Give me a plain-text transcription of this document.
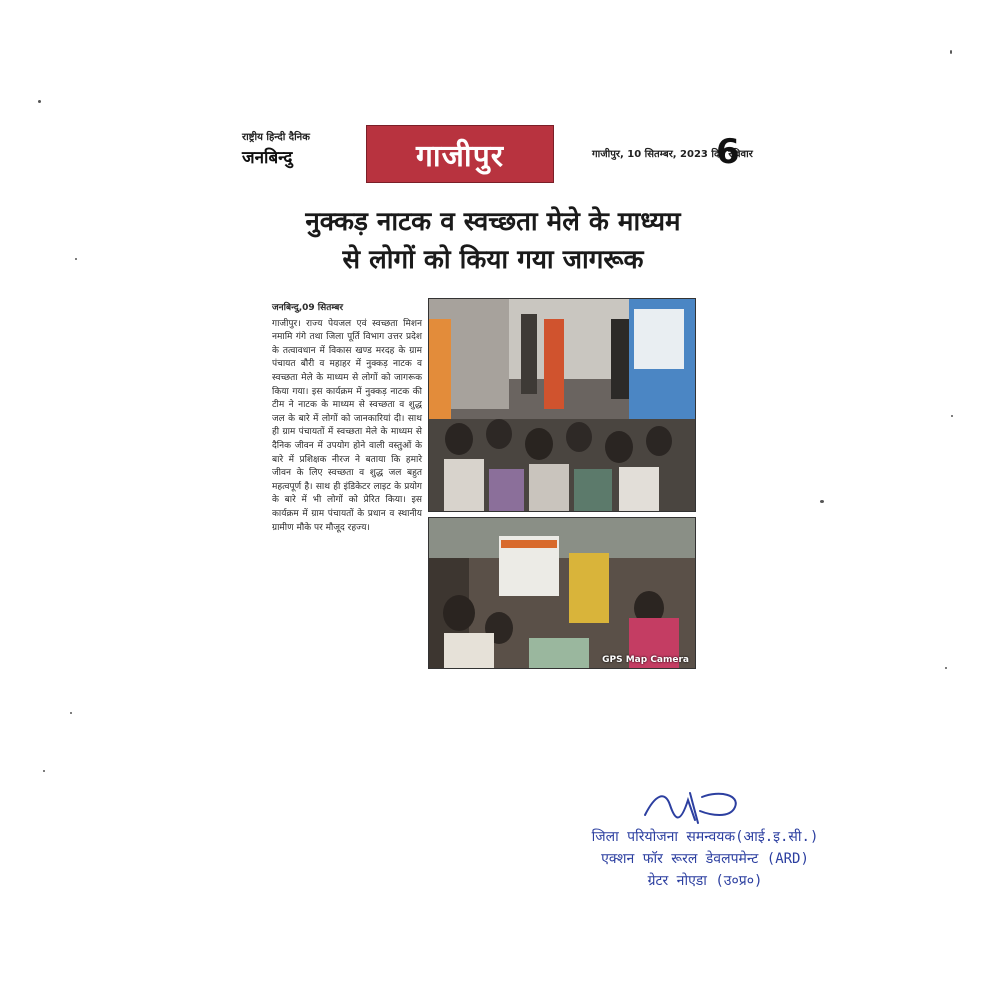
राष्ट्रीय हिन्दी दैनिक
जनबिन्दु	गाजीपुर	गाजीपुर, 10 सितम्बर, 2023 दिन रविवार
6
नुक्कड़ नाटक व स्वच्छता मेले के माध्यम
से लोगों को किया गया जागरूक
जनबिन्दु,09 सितम्बर
गाजीपुर। राज्य पेयजल एवं स्वच्छता मिशन नमामि गंगे तथा जिला पूर्ति विभाग उत्तर प्रदेश के तत्वावधान में विकास खण्ड मरदह के ग्राम पंचायत बौरी व महाहर में नुक्कड़ नाटक व स्वच्छता मेले के माध्यम से लोगों को जागरूक किया गया। इस कार्यक्रम में नुक्कड़ नाटक की टीम ने नाटक के माध्यम से स्वच्छता व शुद्ध जल के बारे में लोगों को जानकारियां दी। साथ ही ग्राम पंचायतों में स्वच्छता मेले के माध्यम से दैनिक जीवन में उपयोग होने वाली वस्तुओं के बारे में प्रशिक्षक नीरज ने बताया कि हमारे जीवन के लिए स्वच्छता व शुद्ध जल बहुत महत्वपूर्ण है। साथ ही इंडिकेटर लाइट के प्रयोग के बारे में भी लोगों को प्रेरित किया। इस कार्यक्रम में ग्राम पंचायतों के प्रधान व स्थानीय ग्रामीण मौके पर मौजूद रहज्य।
GPS Map Camera
जिला परियोजना समन्वयक(आई.इ.सी.)
एक्शन फॉर रूरल डेवलपमेन्ट (ARD)
ग्रेटर नोएडा (उ०प्र०)
